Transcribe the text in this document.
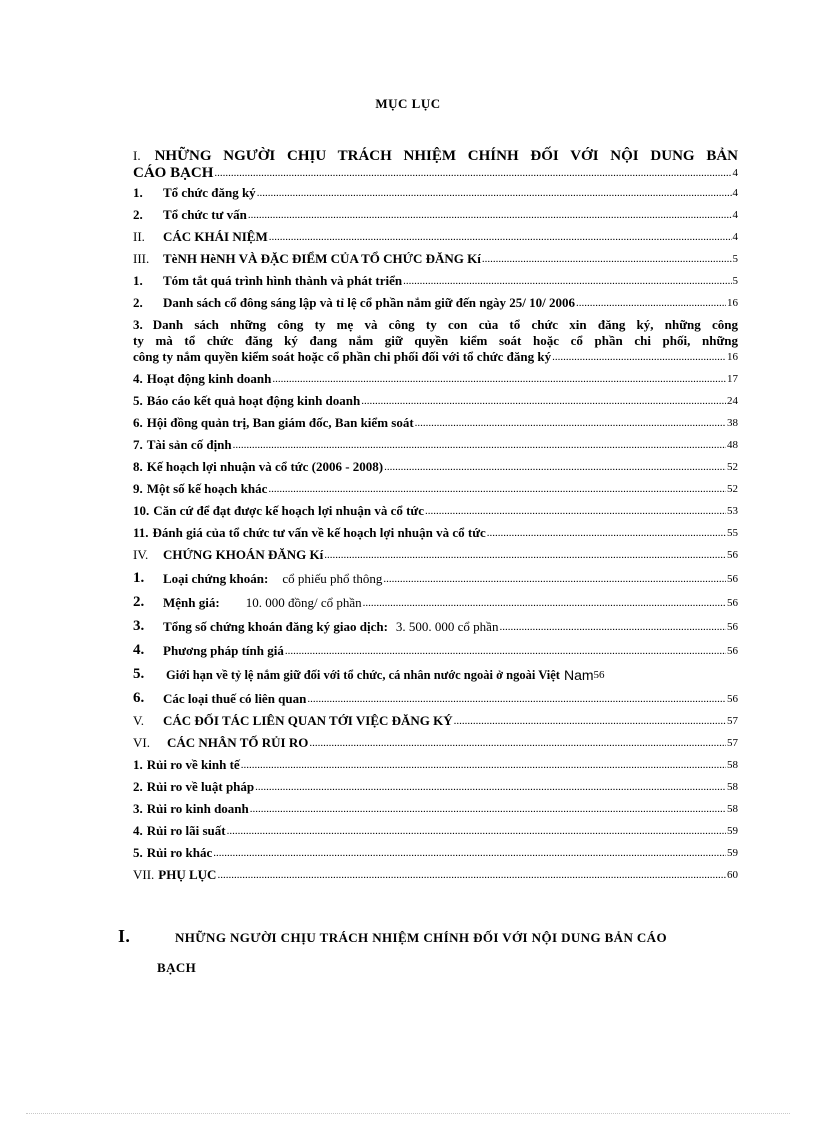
MỤC LỤC
I. NHỮNG NGƯỜI CHỊU TRÁCH NHIỆM CHÍNH ĐỐI VỚI NỘI DUNG BẢN
CÁO BẠCH .....	4
1.	Tổ chức đăng ký .....	4
2.	Tổ chức tư vấn .....	4
II.	CÁC KHÁI NIỆM .....	4
III.	TèNH HèNH VÀ ĐẶC ĐIỂM CỦA TỔ CHỨC ĐĂNG Kí .....	5
1.	Tóm tắt quá trình hình thành và phát triển .....	5
2.	Danh sách cổ đông sáng lập và tỉ lệ cổ phần nắm giữ đến ngày 25/ 10/ 2006 .....	16
3. Danh sách những công ty mẹ và công ty con của tổ chức xin đăng ký, những công
ty mà tổ chức đăng ký đang nắm giữ quyền kiểm soát hoặc cổ phần chi phối, những
công ty nắm quyền kiểm soát hoặc cổ phần chi phối đối với tổ chức đăng ký .....	16
4. Hoạt động kinh doanh .....	17
5. Báo cáo kết quả hoạt động kinh doanh .....	24
6. Hội đồng quản trị, Ban giám đốc, Ban kiểm soát .....	38
7. Tài sản cố định .....	48
8. Kế hoạch lợi nhuận và cổ tức (2006 - 2008) .....	52
9. Một số kế hoạch khác .....	52
10. Căn cứ để đạt được kế hoạch lợi nhuận và cổ tức .....	53
11. Đánh giá của tổ chức tư vấn về kế hoạch lợi nhuận và cổ tức .....	55
IV.	CHỨNG KHOÁN ĐĂNG Kí .....	56
1.	Loại chứng khoán: cổ phiếu phổ thông .....	56
2.	Mệnh giá: 10. 000 đồng/ cổ phần .....	56
3.	Tổng số chứng khoán đăng ký giao dịch: 3. 500. 000 cổ phần .....	56
4.	Phương pháp tính giá .....	56
5.	Giới hạn về tỷ lệ nắm giữ đối với tổ chức, cá nhân nước ngoài ở ngoài Việt Nam 56
6.	Các loại thuế có liên quan .....	56
V.	CÁC ĐỐI TÁC LIÊN QUAN TỚI VIỆC ĐĂNG KÝ .....	57
VI.	CÁC NHÂN TỐ RỦI RO .....	57
1. Rủi ro về kinh tế .....	58
2. Rủi ro về luật pháp .....	58
3. Rủi ro kinh doanh .....	58
4. Rủi ro lãi suất .....	59
5. Rủi ro khác .....	59
VII. PHỤ LỤC .....	60
I.	NHỮNG NGƯỜI CHỊU TRÁCH NHIỆM CHÍNH ĐỐI VỚI NỘI DUNG BẢN CÁO
BẠCH
